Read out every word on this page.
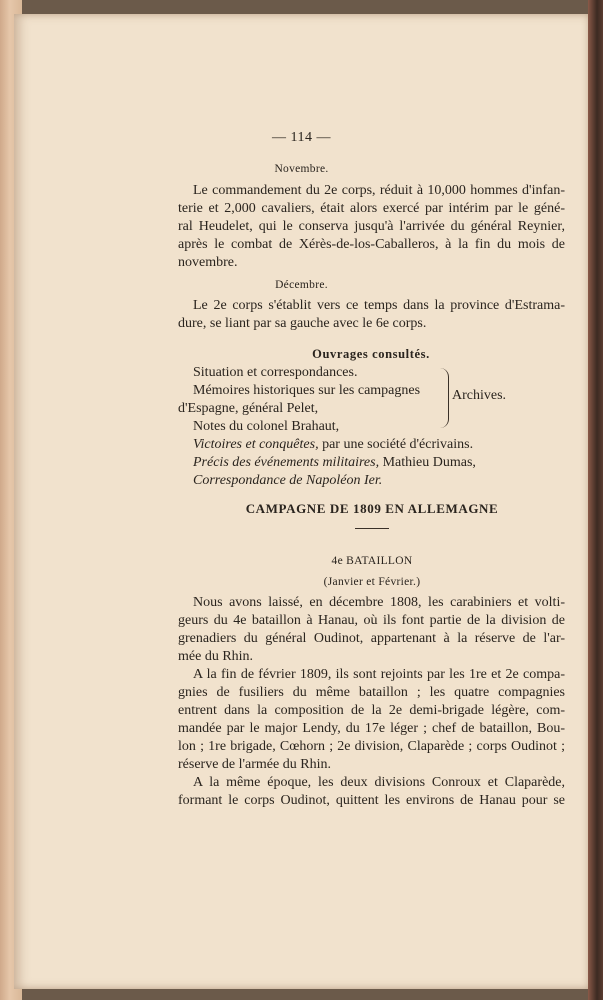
— 114 —
Novembre.
Le commandement du 2e corps, réduit à 10,000 hommes d'infan-
terie et 2,000 cavaliers, était alors exercé par intérim par le géné-
ral Heudelet, qui le conserva jusqu'à l'arrivée du général Reynier,
après le combat de Xérès-de-los-Caballeros, à la fin du mois de
novembre.
Décembre.
Le 2e corps s'établit vers ce temps dans la province d'Estrama-
dure, se liant par sa gauche avec le 6e corps.
Ouvrages consultés.
Situation et correspondances.
Mémoires historiques sur les campagnes
d'Espagne, général Pelet,
Notes du colonel Brahaut,
Archives.
Victoires et conquêtes, par une société d'écrivains.
Précis des événements militaires, Mathieu Dumas,
Correspondance de Napoléon Ier.
CAMPAGNE DE 1809 EN ALLEMAGNE
4e BATAILLON
(Janvier et Février.)
Nous avons laissé, en décembre 1808, les carabiniers et volti-
geurs du 4e bataillon à Hanau, où ils font partie de la division de
grenadiers du général Oudinot, appartenant à la réserve de l'ar-
mée du Rhin.
A la fin de février 1809, ils sont rejoints par les 1re et 2e compa-
gnies de fusiliers du même bataillon ; les quatre compagnies
entrent dans la composition de la 2e demi-brigade légère, com-
mandée par le major Lendy, du 17e léger ; chef de bataillon, Bou-
lon ; 1re brigade, Cœhorn ; 2e division, Claparède ; corps Oudinot ;
réserve de l'armée du Rhin.
A la même époque, les deux divisions Conroux et Claparède,
formant le corps Oudinot, quittent les environs de Hanau pour se
